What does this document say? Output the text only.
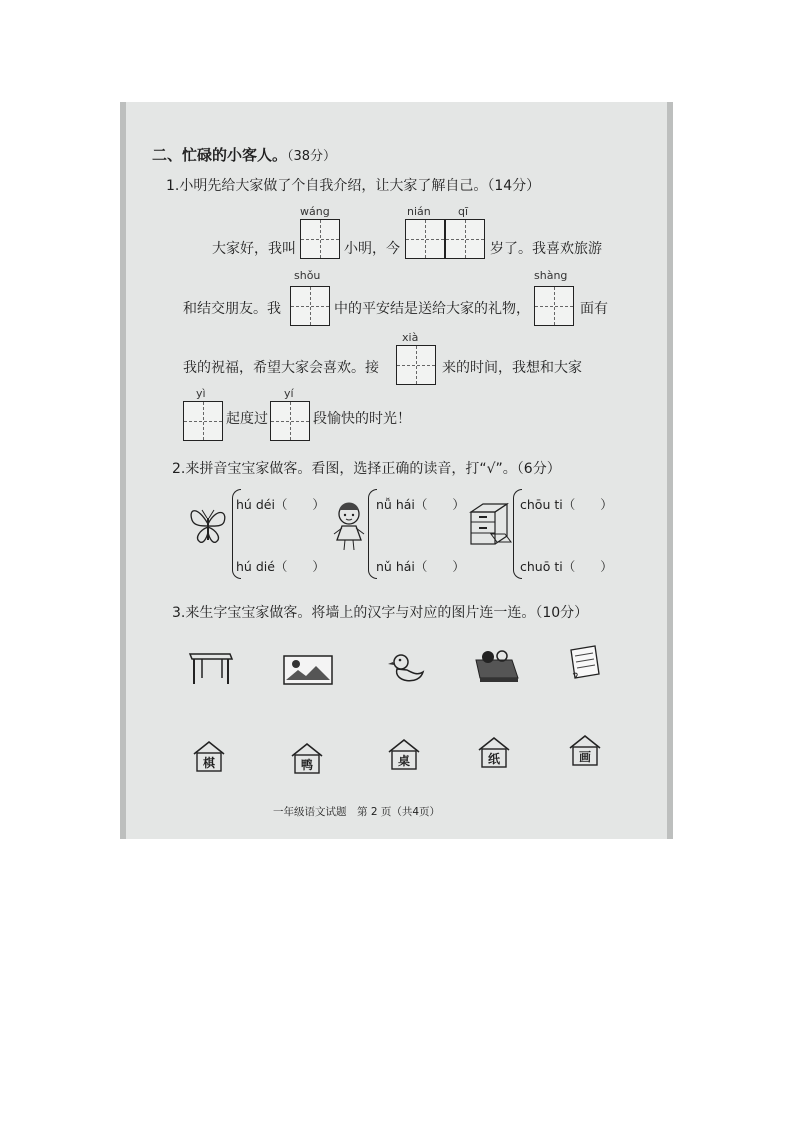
二、忙碌的小客人。（38分）
1.小明先给大家做了个自我介绍，让大家了解自己。（14分）
wáng	nián qī
大家好，我叫	小明，今	岁了。我喜欢旅游
shǒu	shàng
和结交朋友。我	中的平安结是送给大家的礼物，	面有
xià
我的祝福，希望大家会喜欢。接	来的时间，我想和大家
yì	yí
起度过	段愉快的时光！
2.来拼音宝宝家做客。看图，选择正确的读音，打“√”。（6分）
hú déi（　　）
hú dié（　　）
nǚ hái（　　）
nǔ hái（　　）
chōu ti（　　）
chuō ti（　　）
3.来生字宝宝家做客。将墙上的汉字与对应的图片连一连。（10分）
棋	鸭	桌	纸	画
一年级语文试题　第 2 页（共4页）
